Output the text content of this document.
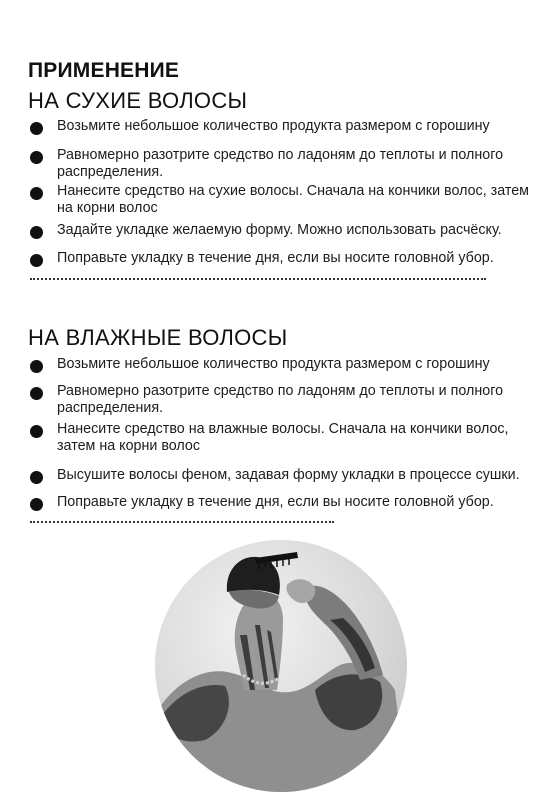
ПРИМЕНЕНИЕ
НА СУХИЕ ВОЛОСЫ
Возьмите небольшое количество продукта размером с горошину
Равномерно разотрите средство по ладоням до теплоты и полного распределения.
Нанесите средство на сухие волосы. Сначала на кончики волос, затем на корни волос
Задайте укладке желаемую форму. Можно использовать расчёску.
Поправьте укладку в течение дня, если вы носите головной убор.
НА ВЛАЖНЫЕ ВОЛОСЫ
Возьмите небольшое количество продукта размером с горошину
Равномерно разотрите средство по ладоням до теплоты и полного распределения.
Нанесите средство на влажные волосы. Сначала на кончики волос, затем на корни волос
Высушите волосы феном, задавая форму укладки в процессе сушки.
Поправьте укладку в течение дня, если вы носите головной убор.
